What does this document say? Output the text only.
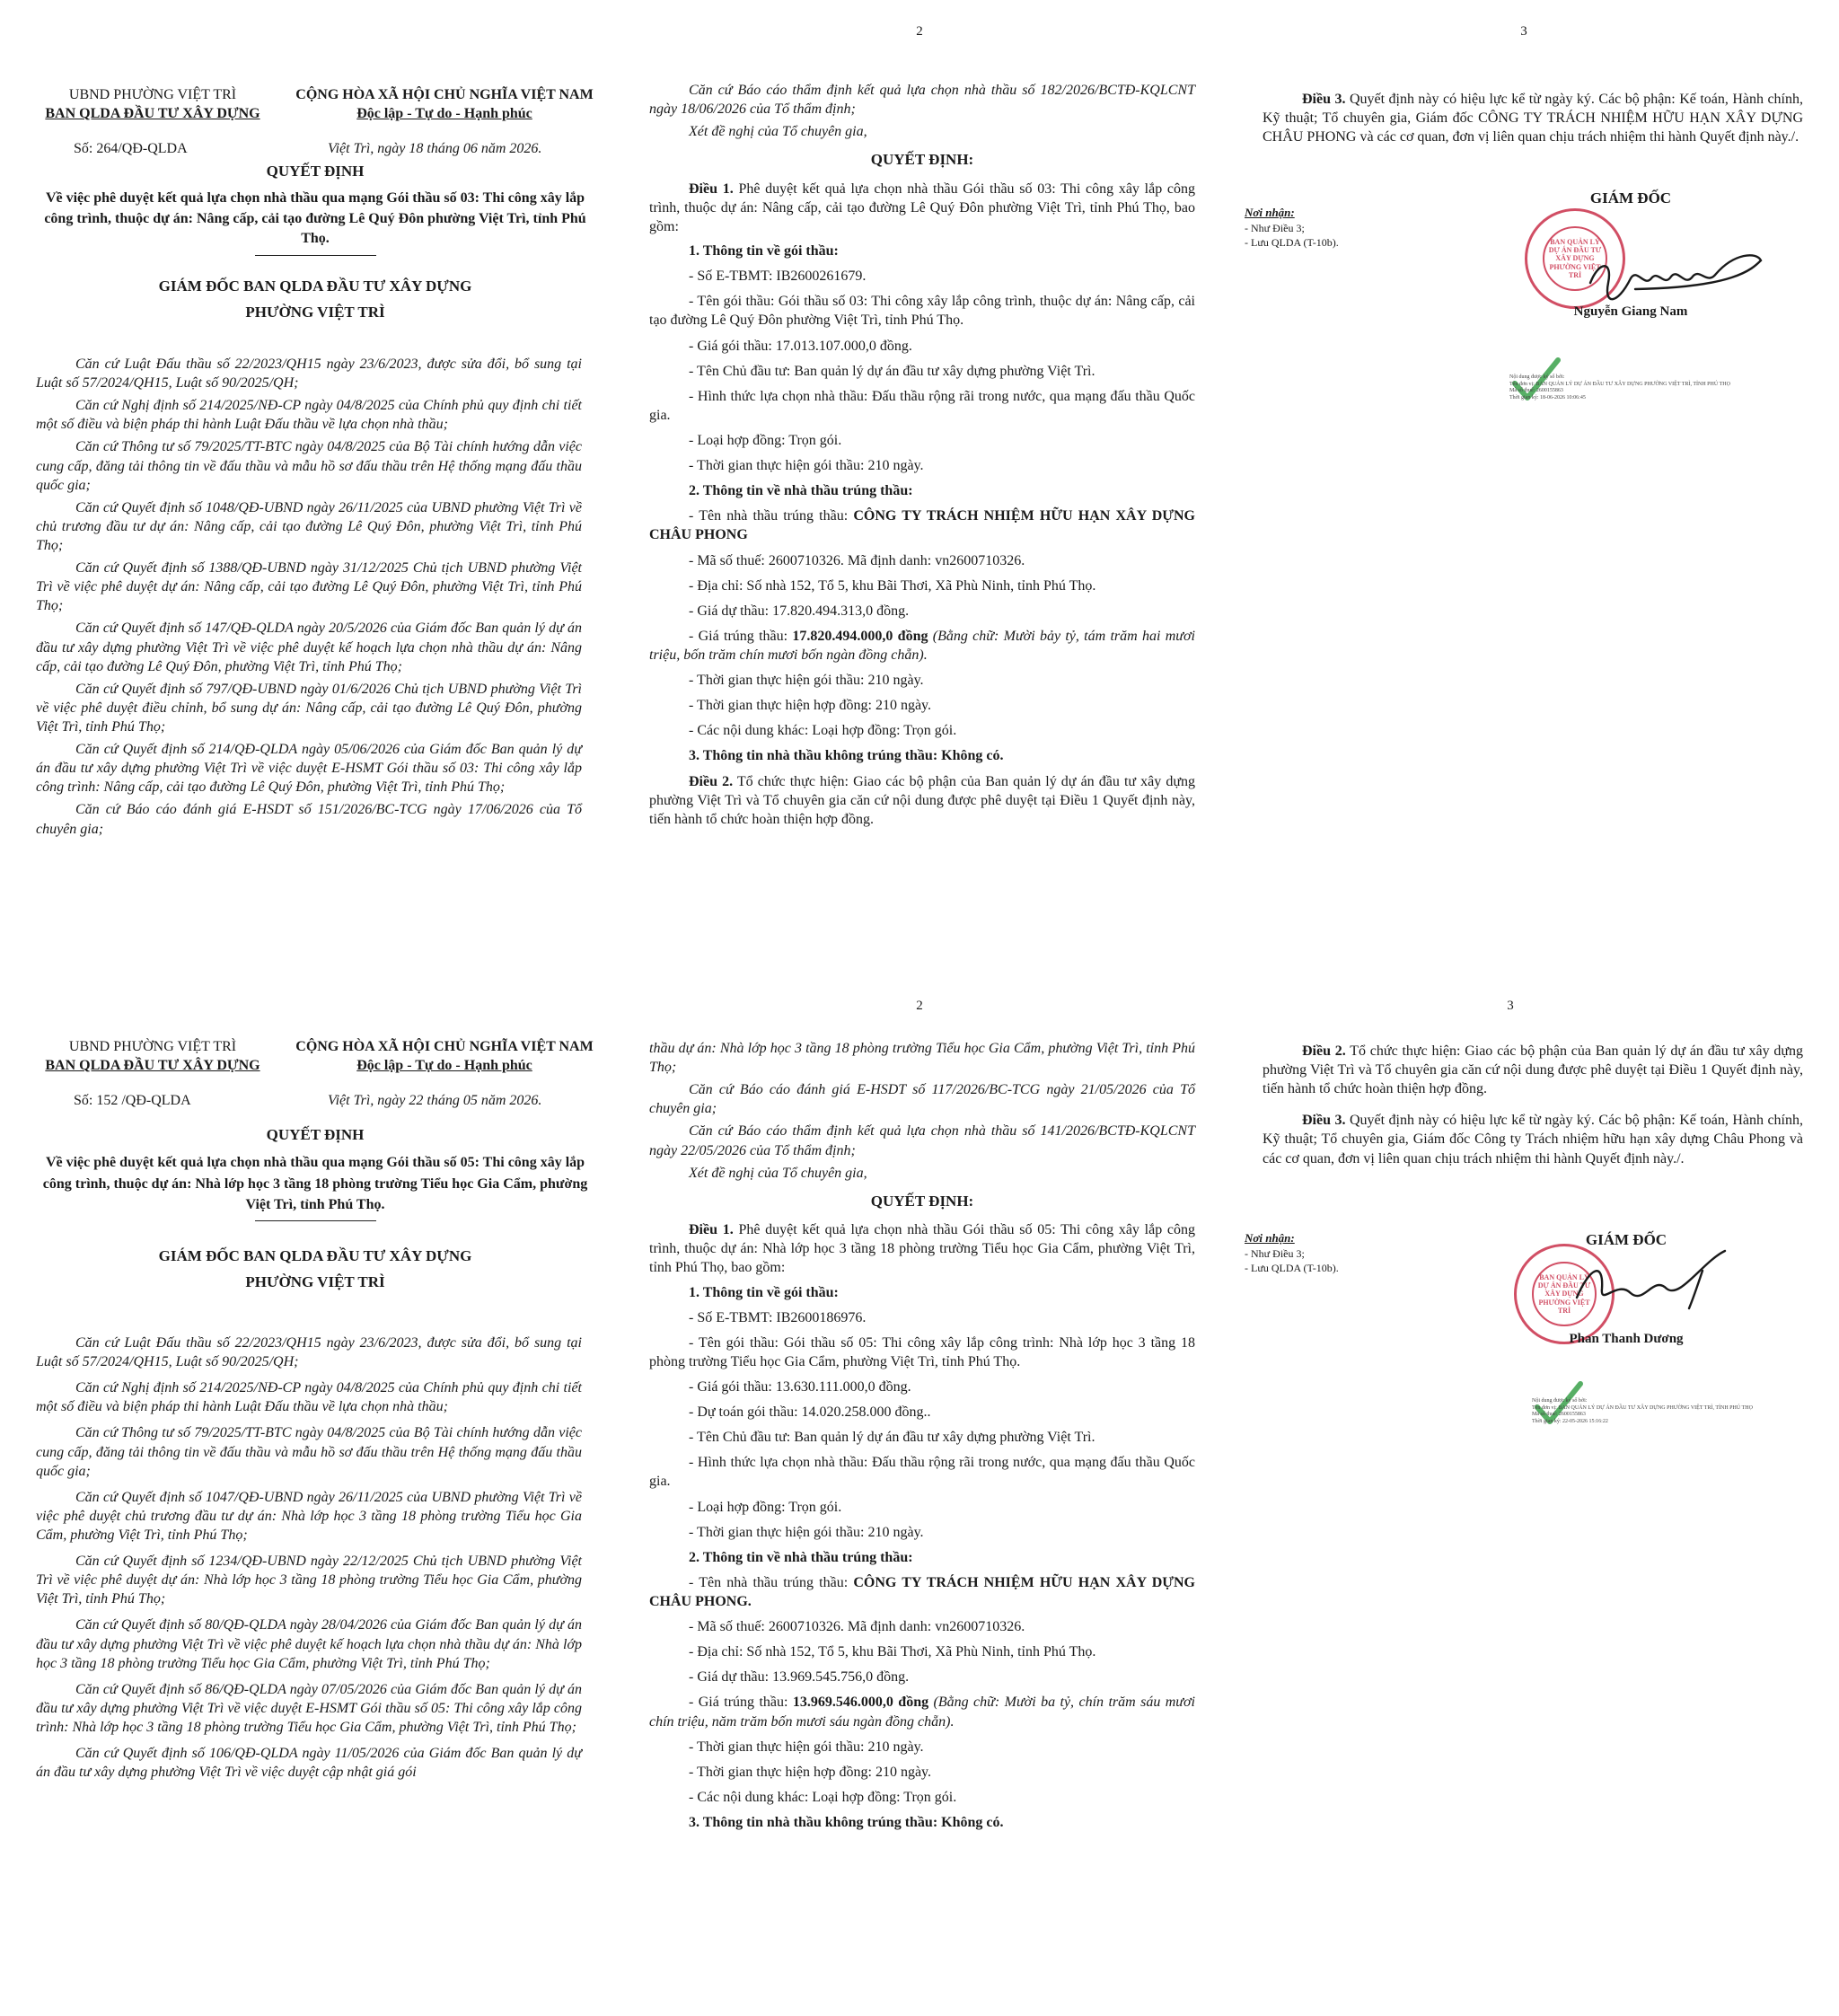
UBND PHƯỜNG VIỆT TRÌ
BAN QLDA ĐẦU TƯ XÂY DỰNG
CỘNG HÒA XÃ HỘI CHỦ NGHĨA VIỆT NAM
Độc lập - Tự do - Hạnh phúc
Số: 264/QĐ-QLDA	Việt Trì, ngày 18 tháng 06 năm 2026.
QUYẾT ĐỊNH
Về việc phê duyệt kết quả lựa chọn nhà thầu qua mạng Gói thầu số 03: Thi công xây lắp công trình, thuộc dự án: Nâng cấp, cải tạo đường Lê Quý Đôn phường Việt Trì, tỉnh Phú Thọ.
GIÁM ĐỐC BAN QLDA ĐẦU TƯ XÂY DỰNG
PHƯỜNG VIỆT TRÌ

Căn cứ Luật Đấu thầu số 22/2023/QH15 ngày 23/6/2023, được sửa đổi, bổ sung tại Luật số 57/2024/QH15, Luật số 90/2025/QH;

Căn cứ Nghị định số 214/2025/NĐ-CP ngày 04/8/2025 của Chính phủ quy định chi tiết một số điều và biện pháp thi hành Luật Đấu thầu về lựa chọn nhà thầu;

Căn cứ Thông tư số 79/2025/TT-BTC ngày 04/8/2025 của Bộ Tài chính hướng dẫn việc cung cấp, đăng tải thông tin về đấu thầu và mẫu hồ sơ đấu thầu trên Hệ thống mạng đấu thầu quốc gia;

Căn cứ Quyết định số 1048/QĐ-UBND ngày 26/11/2025 của UBND phường Việt Trì về chủ trương đầu tư dự án: Nâng cấp, cải tạo đường Lê Quý Đôn, phường Việt Trì, tỉnh Phú Thọ;

Căn cứ Quyết định số 1388/QĐ-UBND ngày 31/12/2025 Chủ tịch UBND phường Việt Trì về việc phê duyệt dự án: Nâng cấp, cải tạo đường Lê Quý Đôn, phường Việt Trì, tỉnh Phú Thọ;

Căn cứ Quyết định số 147/QĐ-QLDA ngày 20/5/2026 của Giám đốc Ban quản lý dự án đầu tư xây dựng phường Việt Trì về việc phê duyệt kế hoạch lựa chọn nhà thầu dự án: Nâng cấp, cải tạo đường Lê Quý Đôn, phường Việt Trì, tỉnh Phú Thọ;

Căn cứ Quyết định số 797/QĐ-UBND ngày 01/6/2026 Chủ tịch UBND phường Việt Trì về việc phê duyệt điều chỉnh, bổ sung dự án: Nâng cấp, cải tạo đường Lê Quý Đôn, phường Việt Trì, tỉnh Phú Thọ;

Căn cứ Quyết định số 214/QĐ-QLDA ngày 05/06/2026 của Giám đốc Ban quản lý dự án đầu tư xây dựng phường Việt Trì về việc duyệt E-HSMT Gói thầu số 03: Thi công xây lắp công trình: Nâng cấp, cải tạo đường Lê Quý Đôn, phường Việt Trì, tỉnh Phú Thọ;

Căn cứ Báo cáo đánh giá E-HSDT số 151/2026/BC-TCG ngày 17/06/2026 của Tổ chuyên gia;

2

Căn cứ Báo cáo thẩm định kết quả lựa chọn nhà thầu số 182/2026/BCTĐ-KQLCNT ngày 18/06/2026 của Tổ thẩm định;

Xét đề nghị của Tổ chuyên gia,

QUYẾT ĐỊNH:

Điều 1. Phê duyệt kết quả lựa chọn nhà thầu Gói thầu số 03: Thi công xây lắp công trình, thuộc dự án: Nâng cấp, cải tạo đường Lê Quý Đôn phường Việt Trì, tỉnh Phú Thọ, bao gồm:

1. Thông tin về gói thầu:
- Số E-TBMT: IB2600261679.
- Tên gói thầu: Gói thầu số 03: Thi công xây lắp công trình, thuộc dự án: Nâng cấp, cải tạo đường Lê Quý Đôn phường Việt Trì, tỉnh Phú Thọ.
- Giá gói thầu: 17.013.107.000,0 đồng.
- Tên Chủ đầu tư: Ban quản lý dự án đầu tư xây dựng phường Việt Trì.
- Hình thức lựa chọn nhà thầu: Đấu thầu rộng rãi trong nước, qua mạng đấu thầu Quốc gia.
- Loại hợp đồng: Trọn gói.
- Thời gian thực hiện gói thầu: 210 ngày.
2. Thông tin về nhà thầu trúng thầu:
- Tên nhà thầu trúng thầu: CÔNG TY TRÁCH NHIỆM HỮU HẠN XÂY DỰNG CHÂU PHONG
- Mã số thuế: 2600710326. Mã định danh: vn2600710326.
- Địa chỉ: Số nhà 152, Tổ 5, khu Bãi Thơi, Xã Phù Ninh, tỉnh Phú Thọ.
- Giá dự thầu: 17.820.494.313,0 đồng.
- Giá trúng thầu: 17.820.494.000,0 đồng (Bằng chữ: Mười bảy tỷ, tám trăm hai mươi triệu, bốn trăm chín mươi bốn ngàn đồng chẵn).
- Thời gian thực hiện gói thầu: 210 ngày.
- Thời gian thực hiện hợp đồng: 210 ngày.
- Các nội dung khác: Loại hợp đồng: Trọn gói.
3. Thông tin nhà thầu không trúng thầu: Không có.

Điều 2. Tổ chức thực hiện: Giao các bộ phận của Ban quản lý dự án đầu tư xây dựng phường Việt Trì và Tổ chuyên gia căn cứ nội dung được phê duyệt tại Điều 1 Quyết định này, tiến hành tổ chức hoàn thiện hợp đồng.

3

Điều 3. Quyết định này có hiệu lực kể từ ngày ký. Các bộ phận: Kế toán, Hành chính, Kỹ thuật; Tổ chuyên gia, Giám đốc CÔNG TY TRÁCH NHIỆM HỮU HẠN XÂY DỰNG CHÂU PHONG và các cơ quan, đơn vị liên quan chịu trách nhiệm thi hành Quyết định này./.

Nơi nhận:
- Như Điều 3;
- Lưu QLDA (T-10b).
GIÁM ĐỐC
BAN QUẢN LÝ DỰ ÁN ĐẦU TƯ XÂY DỰNG PHƯỜNG VIỆT TRÌ
Nguyễn Giang Nam
Nội dung được ký số bởi:
Tên đơn vị: BAN QUẢN LÝ DỰ ÁN ĐẦU TƯ XÂY DỰNG PHƯỜNG VIỆT TRÌ, TỈNH PHÚ THỌ
Mã số thuế: 2600155863
Thời gian ký: 18-06-2026 10:06:45
UBND PHƯỜNG VIỆT TRÌ
BAN QLDA ĐẦU TƯ XÂY DỰNG
CỘNG HÒA XÃ HỘI CHỦ NGHĨA VIỆT NAM
Độc lập - Tự do - Hạnh phúc
Số: 152 /QĐ-QLDA	Việt Trì, ngày 22 tháng 05 năm 2026.
QUYẾT ĐỊNH
Về việc phê duyệt kết quả lựa chọn nhà thầu qua mạng Gói thầu số 05: Thi công xây lắp công trình, thuộc dự án: Nhà lớp học 3 tầng 18 phòng trường Tiểu học Gia Cẩm, phường Việt Trì, tỉnh Phú Thọ.
GIÁM ĐỐC BAN QLDA ĐẦU TƯ XÂY DỰNG
PHƯỜNG VIỆT TRÌ

Căn cứ Luật Đấu thầu số 22/2023/QH15 ngày 23/6/2023, được sửa đổi, bổ sung tại Luật số 57/2024/QH15, Luật số 90/2025/QH;

Căn cứ Nghị định số 214/2025/NĐ-CP ngày 04/8/2025 của Chính phủ quy định chi tiết một số điều và biện pháp thi hành Luật Đấu thầu về lựa chọn nhà thầu;

Căn cứ Thông tư số 79/2025/TT-BTC ngày 04/8/2025 của Bộ Tài chính hướng dẫn việc cung cấp, đăng tải thông tin về đấu thầu và mẫu hồ sơ đấu thầu trên Hệ thống mạng đấu thầu quốc gia;

Căn cứ Quyết định số 1047/QĐ-UBND ngày 26/11/2025 của UBND phường Việt Trì về việc phê duyệt chủ trương đầu tư dự án: Nhà lớp học 3 tầng 18 phòng trường Tiểu học Gia Cẩm, phường Việt Trì, tỉnh Phú Thọ;

Căn cứ Quyết định số 1234/QĐ-UBND ngày 22/12/2025 Chủ tịch UBND phường Việt Trì về việc phê duyệt dự án: Nhà lớp học 3 tầng 18 phòng trường Tiểu học Gia Cẩm, phường Việt Trì, tỉnh Phú Thọ;

Căn cứ Quyết định số 80/QĐ-QLDA ngày 28/04/2026 của Giám đốc Ban quản lý dự án đầu tư xây dựng phường Việt Trì về việc phê duyệt kế hoạch lựa chọn nhà thầu dự án: Nhà lớp học 3 tầng 18 phòng trường Tiểu học Gia Cẩm, phường Việt Trì, tỉnh Phú Thọ;

Căn cứ Quyết định số 86/QĐ-QLDA ngày 07/05/2026 của Giám đốc Ban quản lý dự án đầu tư xây dựng phường Việt Trì về việc duyệt E-HSMT Gói thầu số 05: Thi công xây lắp công trình: Nhà lớp học 3 tầng 18 phòng trường Tiểu học Gia Cẩm, phường Việt Trì, tỉnh Phú Thọ;

Căn cứ Quyết định số 106/QĐ-QLDA ngày 11/05/2026 của Giám đốc Ban quản lý dự án đầu tư xây dựng phường Việt Trì về việc duyệt cập nhật giá gói

2

thầu dự án: Nhà lớp học 3 tầng 18 phòng trường Tiểu học Gia Cẩm, phường Việt Trì, tỉnh Phú Thọ;

Căn cứ Báo cáo đánh giá E-HSDT số 117/2026/BC-TCG ngày 21/05/2026 của Tổ chuyên gia;

Căn cứ Báo cáo thẩm định kết quả lựa chọn nhà thầu số 141/2026/BCTĐ-KQLCNT ngày 22/05/2026 của Tổ thẩm định;

Xét đề nghị của Tổ chuyên gia,

QUYẾT ĐỊNH:

Điều 1. Phê duyệt kết quả lựa chọn nhà thầu Gói thầu số 05: Thi công xây lắp công trình, thuộc dự án: Nhà lớp học 3 tầng 18 phòng trường Tiểu học Gia Cẩm, phường Việt Trì, tỉnh Phú Thọ, bao gồm:

1. Thông tin về gói thầu:
- Số E-TBMT: IB2600186976.
- Tên gói thầu: Gói thầu số 05: Thi công xây lắp công trình: Nhà lớp học 3 tầng 18 phòng trường Tiểu học Gia Cẩm, phường Việt Trì, tỉnh Phú Thọ.
- Giá gói thầu: 13.630.111.000,0 đồng.
- Dự toán gói thầu: 14.020.258.000 đồng..
- Tên Chủ đầu tư: Ban quản lý dự án đầu tư xây dựng phường Việt Trì.
- Hình thức lựa chọn nhà thầu: Đấu thầu rộng rãi trong nước, qua mạng đấu thầu Quốc gia.
- Loại hợp đồng: Trọn gói.
- Thời gian thực hiện gói thầu: 210 ngày.
2. Thông tin về nhà thầu trúng thầu:
- Tên nhà thầu trúng thầu: CÔNG TY TRÁCH NHIỆM HỮU HẠN XÂY DỰNG CHÂU PHONG.
- Mã số thuế: 2600710326. Mã định danh: vn2600710326.
- Địa chỉ: Số nhà 152, Tổ 5, khu Bãi Thơi, Xã Phù Ninh, tỉnh Phú Thọ.
- Giá dự thầu: 13.969.545.756,0 đồng.
- Giá trúng thầu: 13.969.546.000,0 đồng (Bằng chữ: Mười ba tỷ, chín trăm sáu mươi chín triệu, năm trăm bốn mươi sáu ngàn đồng chẵn).
- Thời gian thực hiện gói thầu: 210 ngày.
- Thời gian thực hiện hợp đồng: 210 ngày.
- Các nội dung khác: Loại hợp đồng: Trọn gói.
3. Thông tin nhà thầu không trúng thầu: Không có.
3

Điều 2. Tổ chức thực hiện: Giao các bộ phận của Ban quản lý dự án đầu tư xây dựng phường Việt Trì và Tổ chuyên gia căn cứ nội dung được phê duyệt tại Điều 1 Quyết định này, tiến hành tổ chức hoàn thiện hợp đồng.

Điều 3. Quyết định này có hiệu lực kể từ ngày ký. Các bộ phận: Kế toán, Hành chính, Kỹ thuật; Tổ chuyên gia, Giám đốc Công ty Trách nhiệm hữu hạn xây dựng Châu Phong và các cơ quan, đơn vị liên quan chịu trách nhiệm thi hành Quyết định này./.

Nơi nhận:
- Như Điều 3;
- Lưu QLDA (T-10b).
GIÁM ĐỐC
BAN QUẢN LÝ DỰ ÁN ĐẦU TƯ XÂY DỰNG PHƯỜNG VIỆT TRÌ
Phan Thanh Dương
Nội dung được ký số bởi:
Tên đơn vị: BAN QUẢN LÝ DỰ ÁN ĐẦU TƯ XÂY DỰNG PHƯỜNG VIỆT TRÌ, TỈNH PHÚ THỌ
Mã số thuế: 2600155863
Thời gian ký: 22-05-2026 15:16:22
